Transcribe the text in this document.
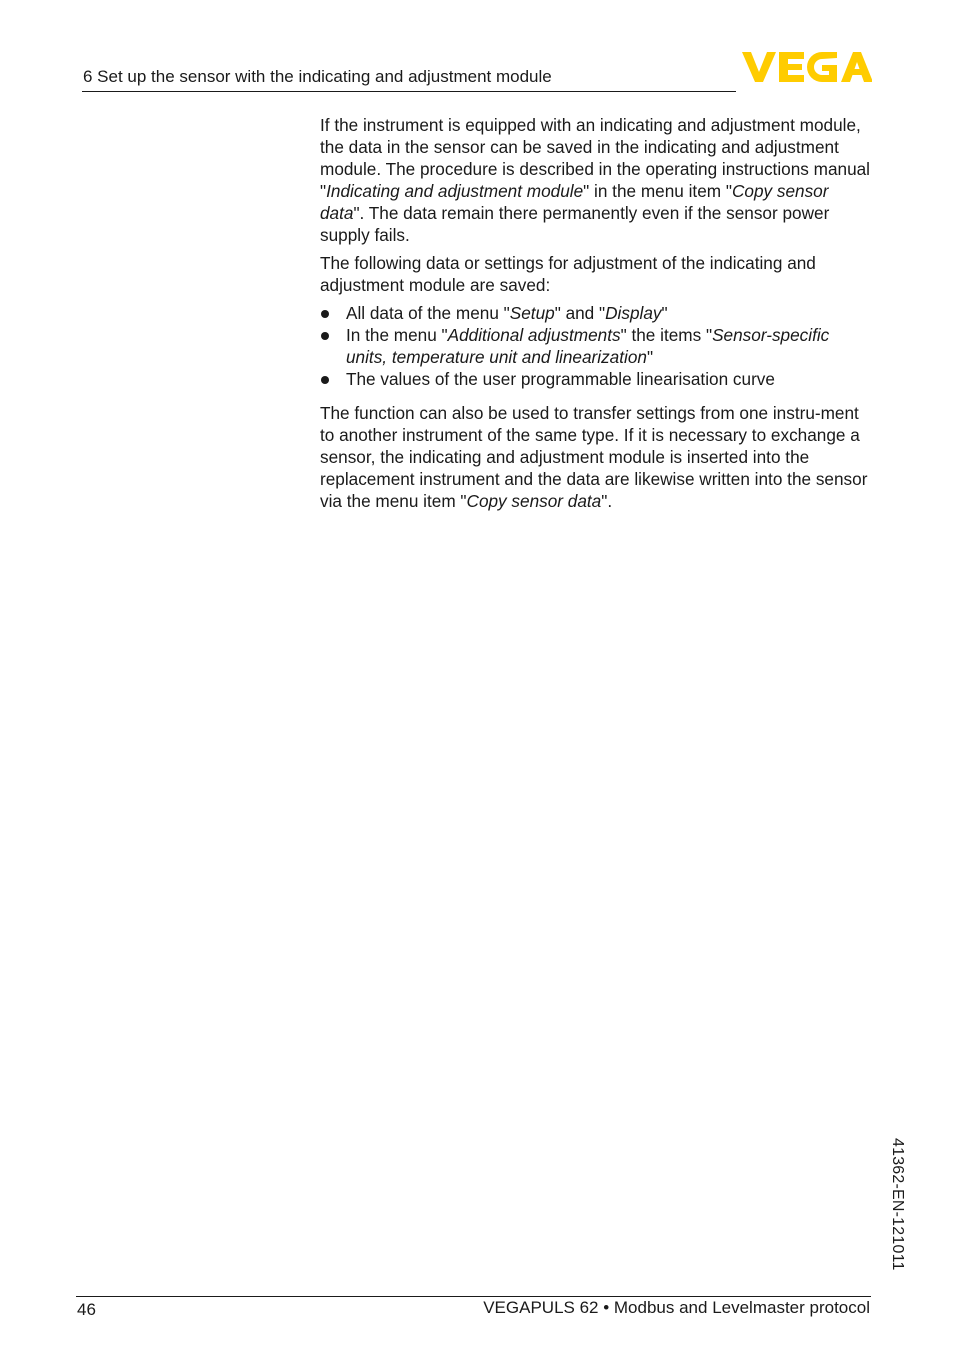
6 Set up the sensor with the indicating and adjustment module

If the instrument is equipped with an indicating and adjustment module, the data in the sensor can be saved in the indicating and adjustment module. The procedure is described in the operating instructions manual "Indicating and adjustment module" in the menu item "Copy sensor data". The data remain there permanently even if the sensor power supply fails.

The following data or settings for adjustment of the indicating and adjustment module are saved:

All data of the menu "Setup" and "Display"
In the menu "Additional adjustments" the items "Sensor-specific units, temperature unit and linearization"
The values of the user programmable linearisation curve

The function can also be used to transfer settings from one instru-ment to another instrument of the same type. If it is necessary to exchange a sensor, the indicating and adjustment module is inserted into the replacement instrument and the data are likewise written into the sensor via the menu item "Copy sensor data".

41362-EN-121011
46	VEGAPULS 62 • Modbus and Levelmaster protocol
